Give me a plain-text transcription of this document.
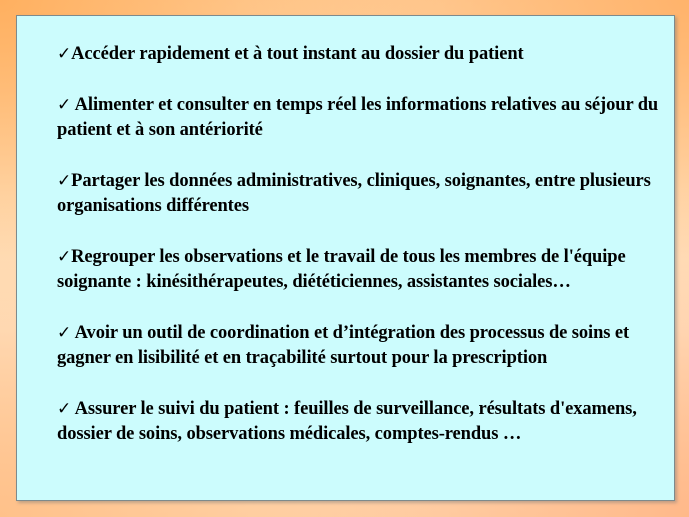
✓Accéder rapidement et à tout instant au dossier du patient

✓ Alimenter et consulter en temps réel les informations relatives au séjour du patient et à son antériorité

✓Partager les données administratives, cliniques, soignantes, entre plusieurs organisations différentes

✓Regrouper les observations et le travail de tous les membres de l'équipe soignante : kinésithérapeutes, diététiciennes, assistantes sociales…

✓ Avoir un outil de coordination et d’intégration des processus de soins et gagner en lisibilité et en traçabilité surtout pour la prescription

✓ Assurer le suivi du patient : feuilles de surveillance, résultats d'examens, dossier de soins, observations médicales, comptes-rendus …
